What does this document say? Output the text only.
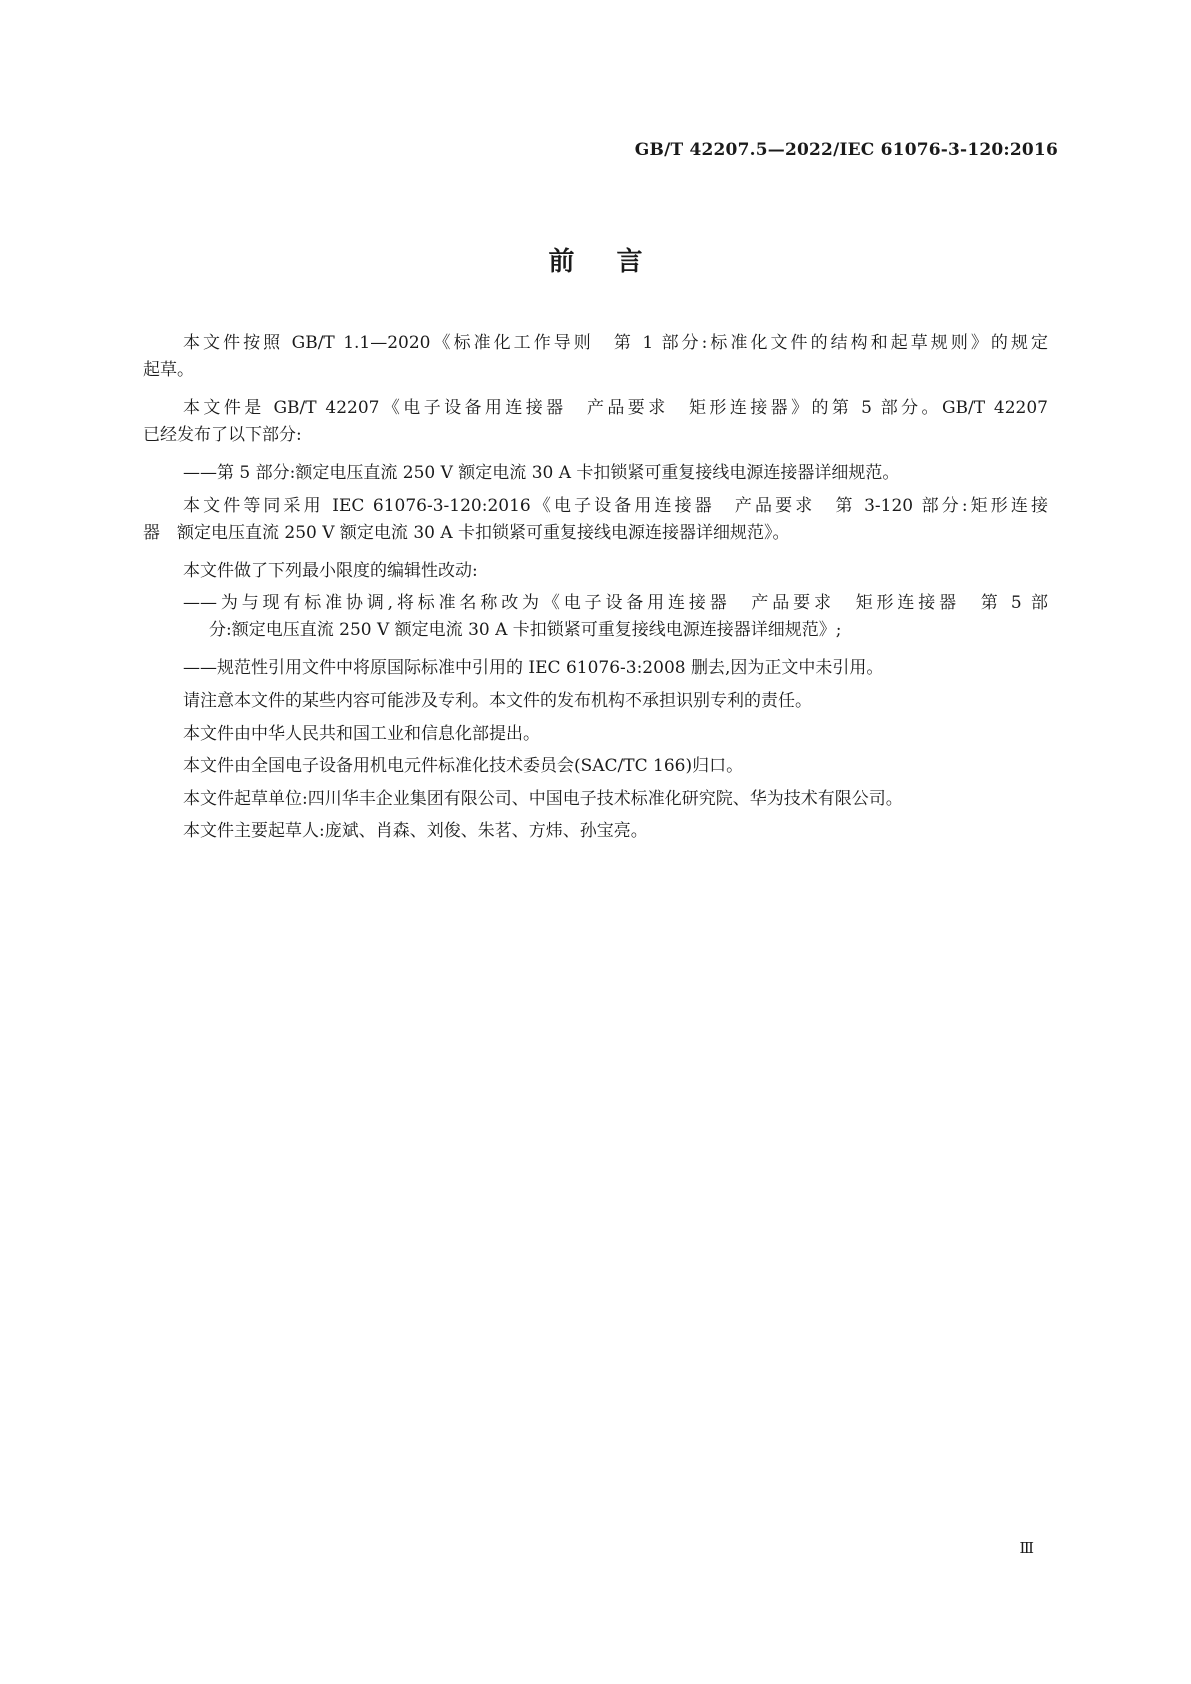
GB/T 42207.5—2022/IEC 61076-3-120:2016
前言
本文件按照 GB/T 1.1—2020《标准化工作导则　第 1 部分:标准化文件的结构和起草规则》的规定
起草。
本文件是 GB/T 42207《电子设备用连接器　产品要求　矩形连接器》的第 5 部分。GB/T 42207
已经发布了以下部分:
——第 5 部分:额定电压直流 250 V 额定电流 30 A 卡扣锁紧可重复接线电源连接器详细规范。
本文件等同采用 IEC 61076-3-120:2016《电子设备用连接器　产品要求　第 3-120 部分:矩形连接
器　额定电压直流 250 V 额定电流 30 A 卡扣锁紧可重复接线电源连接器详细规范》。
本文件做了下列最小限度的编辑性改动:
——为与现有标准协调,将标准名称改为《电子设备用连接器　产品要求　矩形连接器　第 5 部
分:额定电压直流 250 V 额定电流 30 A 卡扣锁紧可重复接线电源连接器详细规范》;
——规范性引用文件中将原国际标准中引用的 IEC 61076-3:2008 删去,因为正文中未引用。
请注意本文件的某些内容可能涉及专利。本文件的发布机构不承担识别专利的责任。
本文件由中华人民共和国工业和信息化部提出。
本文件由全国电子设备用机电元件标准化技术委员会(SAC/TC 166)归口。
本文件起草单位:四川华丰企业集团有限公司、中国电子技术标准化研究院、华为技术有限公司。
本文件主要起草人:庞斌、肖森、刘俊、朱茗、方炜、孙宝亮。
Ⅲ
